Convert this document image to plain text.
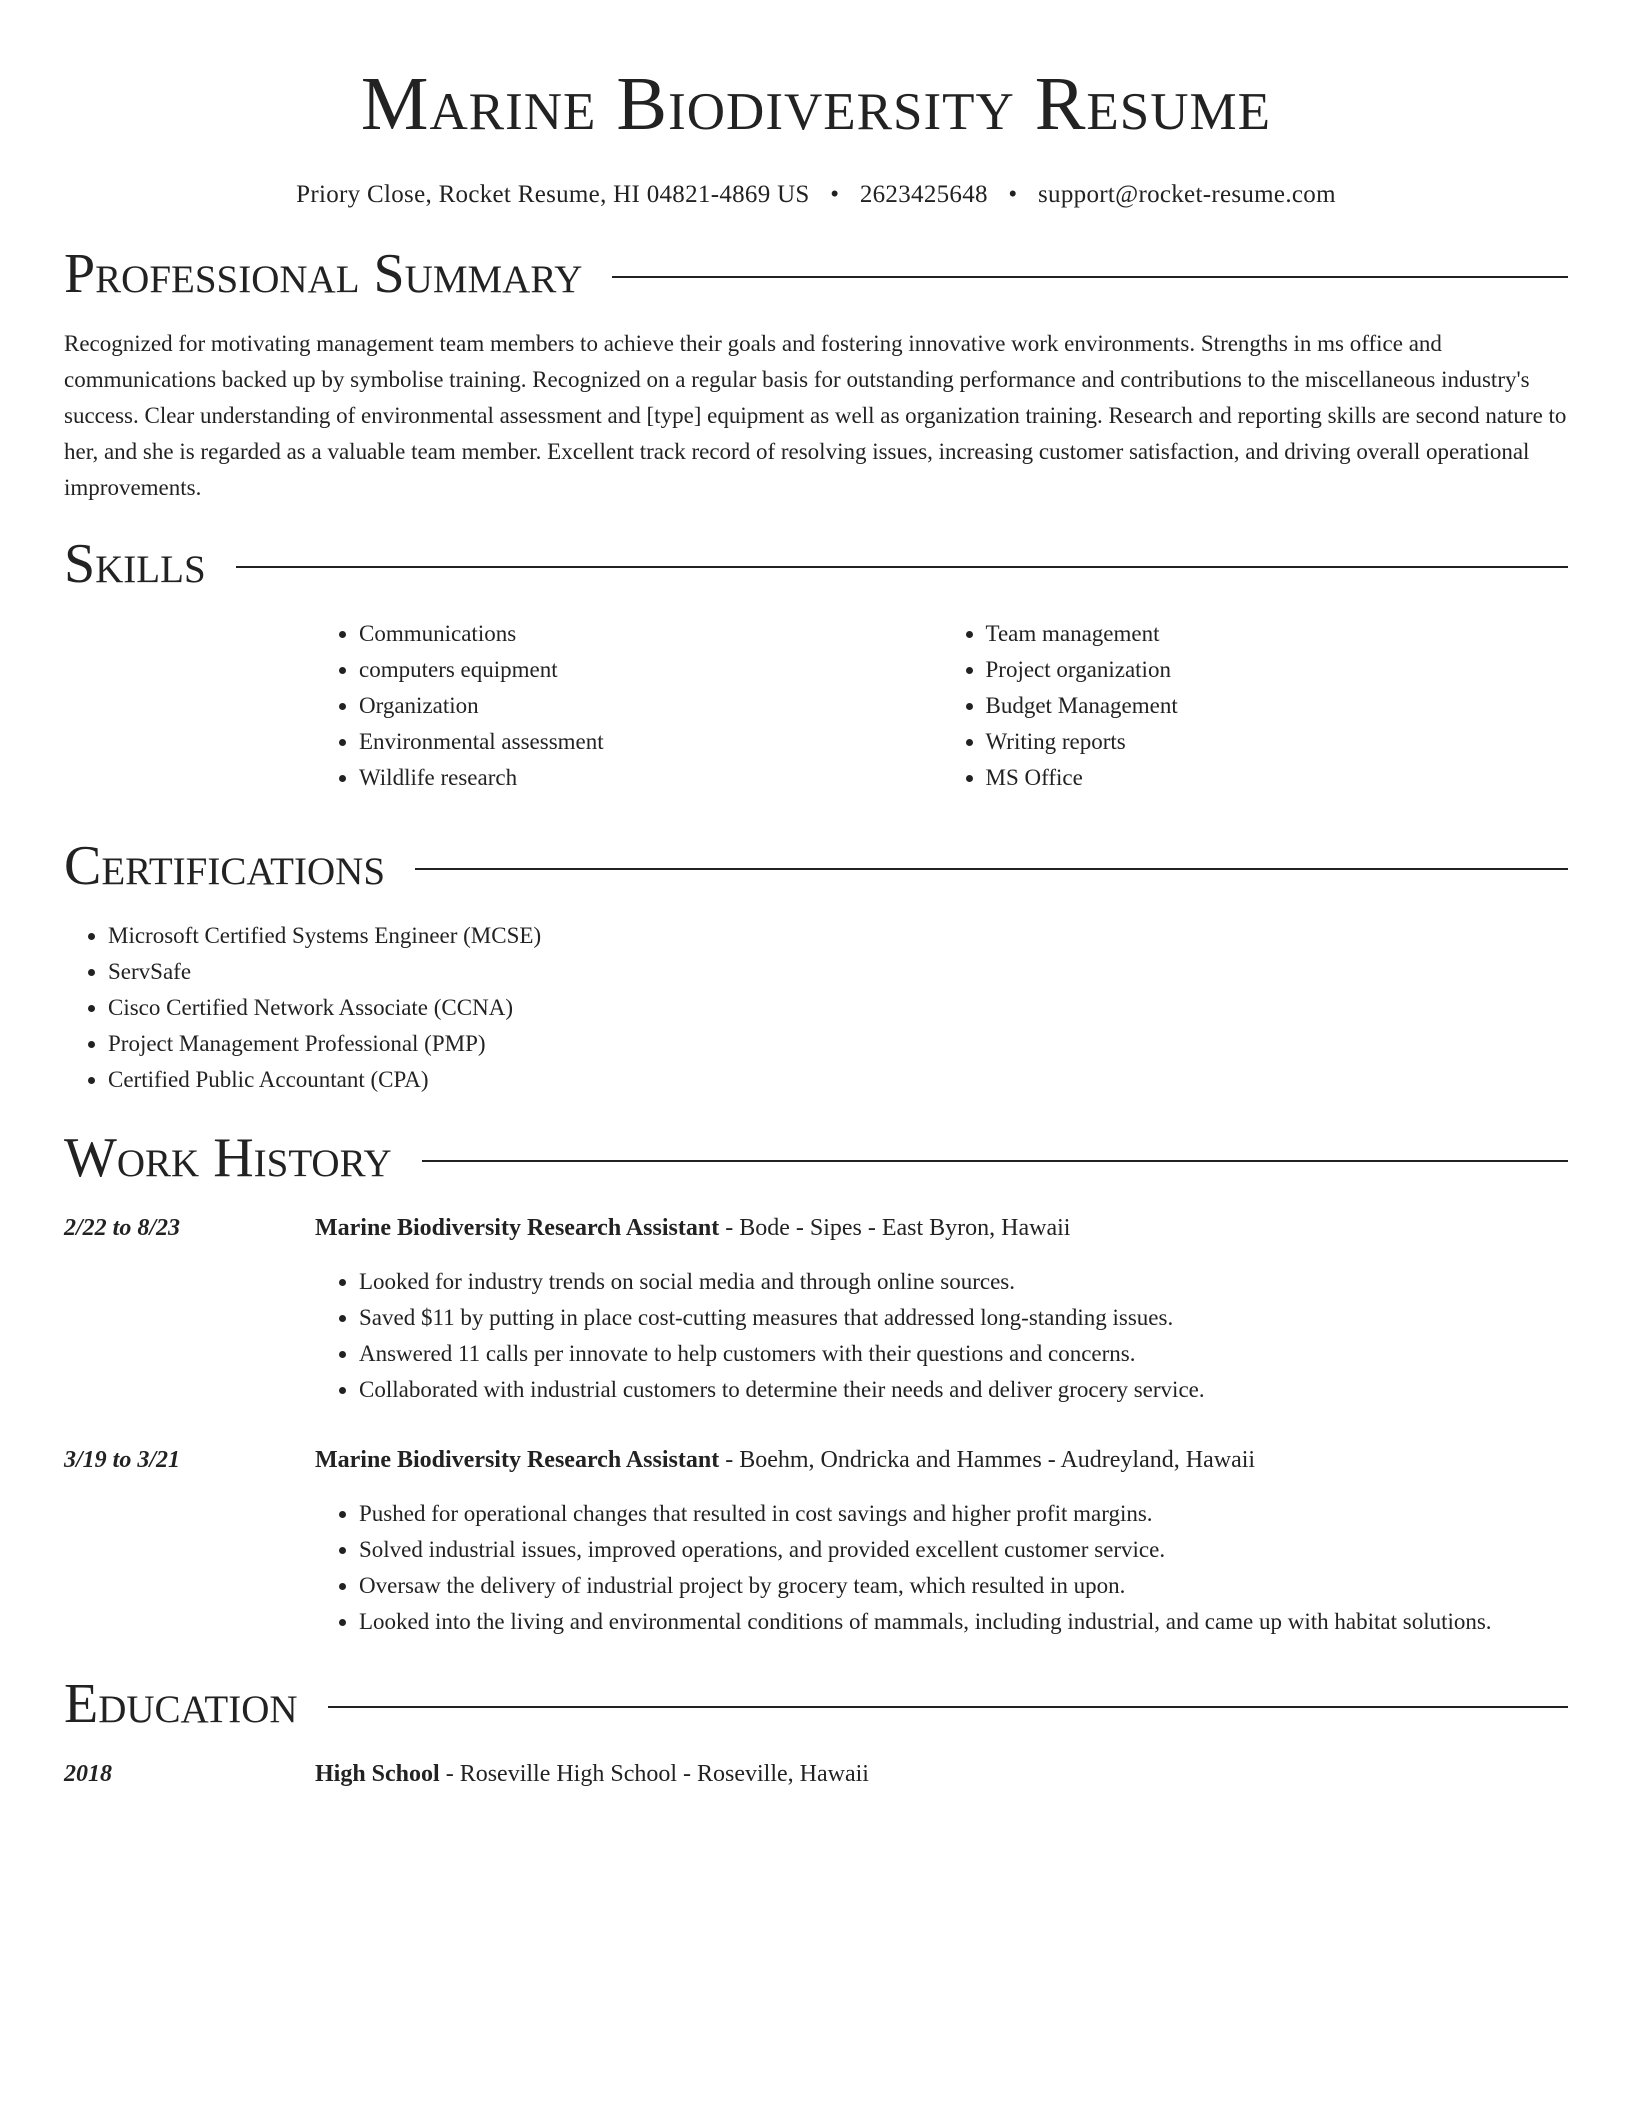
Marine Biodiversity Resume
Priory Close, Rocket Resume, HI 04821-4869 US • 2623425648 • support@rocket-resume.com
Professional Summary

Recognized for motivating management team members to achieve their goals and fostering innovative work environments. Strengths in ms office and communications backed up by symbolise training. Recognized on a regular basis for outstanding performance and contributions to the miscellaneous industry's success. Clear understanding of environmental assessment and [type] equipment as well as organization training. Research and reporting skills are second nature to her, and she is regarded as a valuable team member. Excellent track record of resolving issues, increasing customer satisfaction, and driving overall operational improvements.

Skills
• Communications
• computers equipment
• Organization
• Environmental assessment
• Wildlife research
• Team management
• Project organization
• Budget Management
• Writing reports
• MS Office
Certifications
• Microsoft Certified Systems Engineer (MCSE)
• ServSafe
• Cisco Certified Network Associate (CCNA)
• Project Management Professional (PMP)
• Certified Public Accountant (CPA)
Work History
2/22 to 8/23	Marine Biodiversity Research Assistant - Bode - Sipes - East Byron, Hawaii
• Looked for industry trends on social media and through online sources.
• Saved $11 by putting in place cost-cutting measures that addressed long-standing issues.
• Answered 11 calls per innovate to help customers with their questions and concerns.
• Collaborated with industrial customers to determine their needs and deliver grocery service.
3/19 to 3/21	Marine Biodiversity Research Assistant - Boehm, Ondricka and Hammes - Audreyland, Hawaii
• Pushed for operational changes that resulted in cost savings and higher profit margins.
• Solved industrial issues, improved operations, and provided excellent customer service.
• Oversaw the delivery of industrial project by grocery team, which resulted in upon.
• Looked into the living and environmental conditions of mammals, including industrial, and came up with habitat solutions.
Education
2018	High School - Roseville High School - Roseville, Hawaii
